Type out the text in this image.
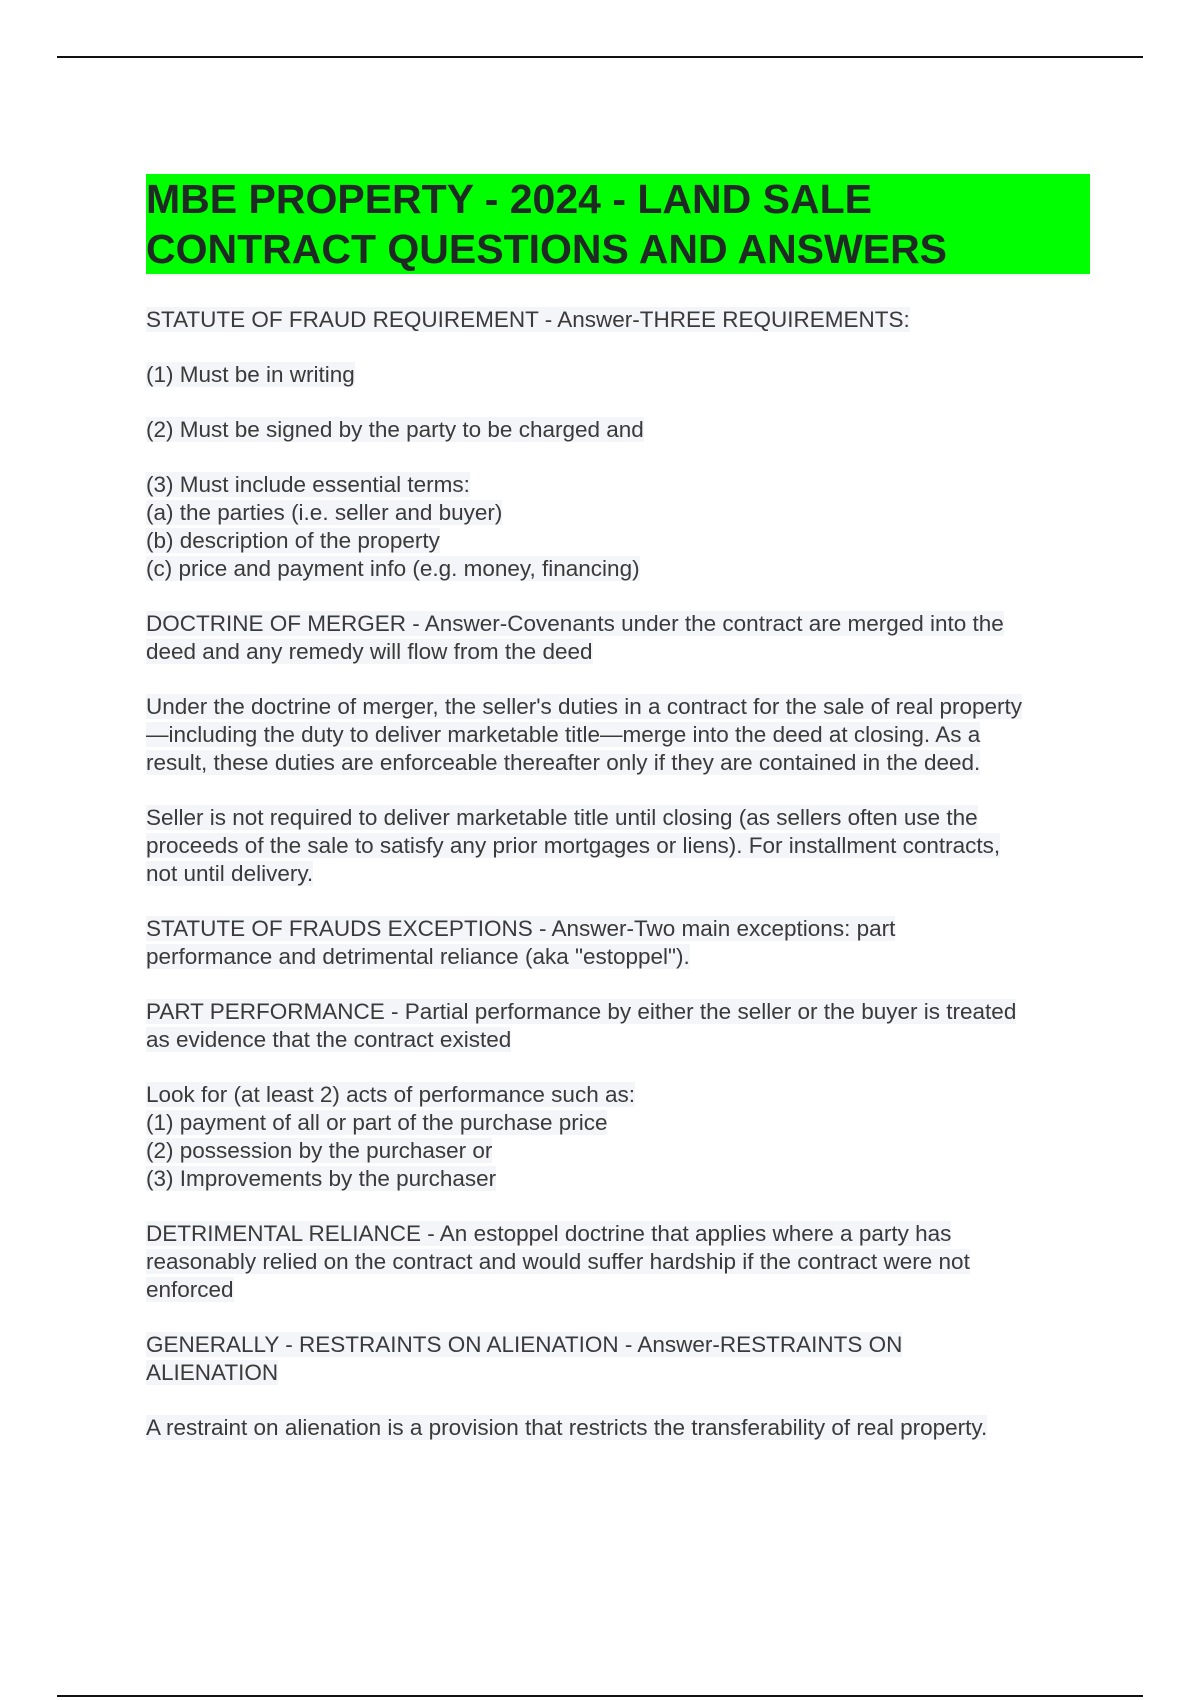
MBE PROPERTY - 2024 - LAND SALE
CONTRACT QUESTIONS AND ANSWERS
STATUTE OF FRAUD REQUIREMENT - Answer-THREE REQUIREMENTS:
(1) Must be in writing
(2) Must be signed by the party to be charged and
(3) Must include essential terms:
(a) the parties (i.e. seller and buyer)
(b) description of the property
(c) price and payment info (e.g. money, financing)
DOCTRINE OF MERGER - Answer-Covenants under the contract are merged into the
deed and any remedy will flow from the deed
Under the doctrine of merger, the seller's duties in a contract for the sale of real property
—including the duty to deliver marketable title—merge into the deed at closing. As a
result, these duties are enforceable thereafter only if they are contained in the deed.
Seller is not required to deliver marketable title until closing (as sellers often use the
proceeds of the sale to satisfy any prior mortgages or liens). For installment contracts,
not until delivery.
STATUTE OF FRAUDS EXCEPTIONS - Answer-Two main exceptions: part
performance and detrimental reliance (aka "estoppel").
PART PERFORMANCE - Partial performance by either the seller or the buyer is treated
as evidence that the contract existed
Look for (at least 2) acts of performance such as:
(1) payment of all or part of the purchase price
(2) possession by the purchaser or
(3) Improvements by the purchaser
DETRIMENTAL RELIANCE - An estoppel doctrine that applies where a party has
reasonably relied on the contract and would suffer hardship if the contract were not
enforced
GENERALLY - RESTRAINTS ON ALIENATION - Answer-RESTRAINTS ON
ALIENATION
A restraint on alienation is a provision that restricts the transferability of real property.
